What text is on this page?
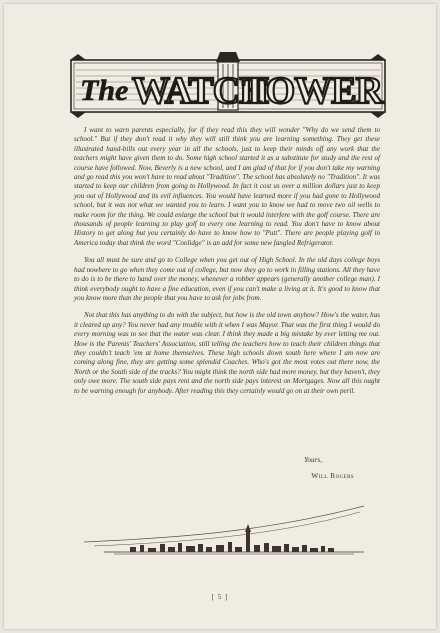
The WATCH
TOWER

I want to warn parents especially, for if they read this they will wonder "Why do we send them to school." But if they don't read it why they will still think you are learning something. They get these illustrated hand-bills out every year in all the schools, just to keep their minds off any work that the teachers might have given them to do. Some high school started it as a substitute for study and the rest of course have followed. Now, Beverly is a new school, and I am glad of that for if you don't take my warning and go read this you won't have to read about "Tradition". The school has absolutely no "Tradition". It was started to keep our children from going to Hollywood. In fact it cost us over a million dollars just to keep you out of Hollywood and its evil influences. You would have learned more if you had gone to Hollywood school, but it was not what we wanted you to learn. I want you to know we had to move two oil wells to make room for the thing. We could enlarge the school but it would interfere with the golf course. There are thousands of people learning to play golf to every one learning to read. You don't have to know about History to get along but you certainly do have to know how to "Putt". There are people playing golf in America today that think the word "Coolidge" is an add for some new fangled Refrigerator.

You all must be sure and go to College when you get out of High School. In the old days college boys had nowhere to go when they come out of college, but now they go to work in filling stations. All they have to do is to be there to hand over the money, whenever a robber appears (generally another college man). I think everybody ought to have a fine education, even if you can't make a living at it. It's good to know that you know more than the people that you have to ask for jobs from.

Not that this has anything to do with the subject, but how is the old town anyhow? How's the water, has it cleared up any? You never had any trouble with it when I was Mayor. That was the first thing I would do every morning was to see that the water was clear. I think they made a big mistake by ever letting me out. How is the Parents' Teachers' Association, still telling the teachers how to teach their children things that they couldn't teach 'em at home themselves. These high schools down south here where I am now are coming along fine, they are getting some splendid Coaches. Who's got the most votes out there now, the North or the South side of the tracks? You might think the north side had more money, but they haven't, they only owe more. The south side pays rent and the north side pays interest on Mortgages. Now all this ought to be warning enough for anybody. After reading this they certainly would go on at their own peril.

Yours,
Will Rogers
[ 5 ]
